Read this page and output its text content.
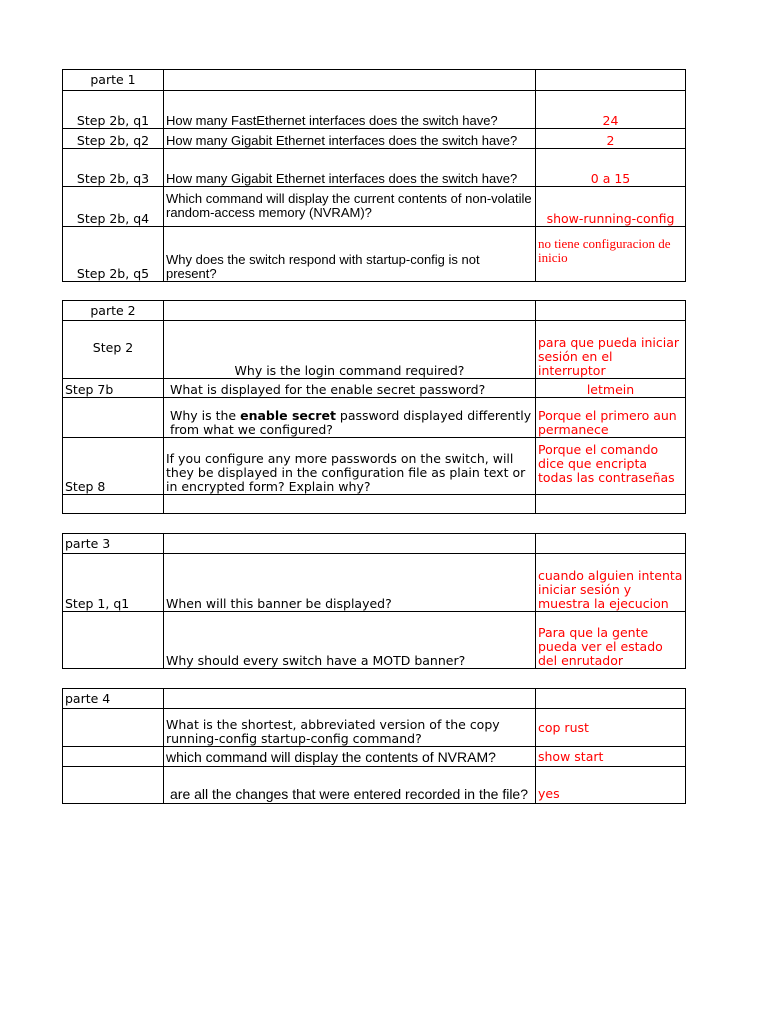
parte 1		
Step 2b, q1	How many FastEthernet interfaces does the switch have?	24
Step 2b, q2	How many Gigabit Ethernet interfaces does the switch have?	2
Step 2b, q3	How many Gigabit Ethernet interfaces does the switch have?	0 a 15
Step 2b, q4	Which command will display the current contents of non-volatile random-access memory (NVRAM)?	show-running-config
Step 2b, q5	Why does the switch respond with startup-config is not present?	no tiene configuracion de inicio
parte 2		
Step 2	Why is the login command required?	para que pueda iniciar sesión en el interruptor
Step 7b	What is displayed for the enable secret password?	letmein
	Why is the enable secret password displayed differently from what we configured?	Porque el primero aun permanece
Step 8	If you configure any more passwords on the switch, will they be displayed in the configuration file as plain text or in encrypted form? Explain why?	Porque el comando dice que encripta todas las contraseñas

parte 3		
Step 1, q1	When will this banner be displayed?	cuando alguien intenta iniciar sesión y muestra la ejecucion
	Why should every switch have a MOTD banner?	Para que la gente pueda ver el estado del enrutador
parte 4		
	What is the shortest, abbreviated version of the copy running-config startup-config command?	cop rust
	which command will display the contents of NVRAM?	show start
	are all the changes that were entered recorded in the file?	yes
